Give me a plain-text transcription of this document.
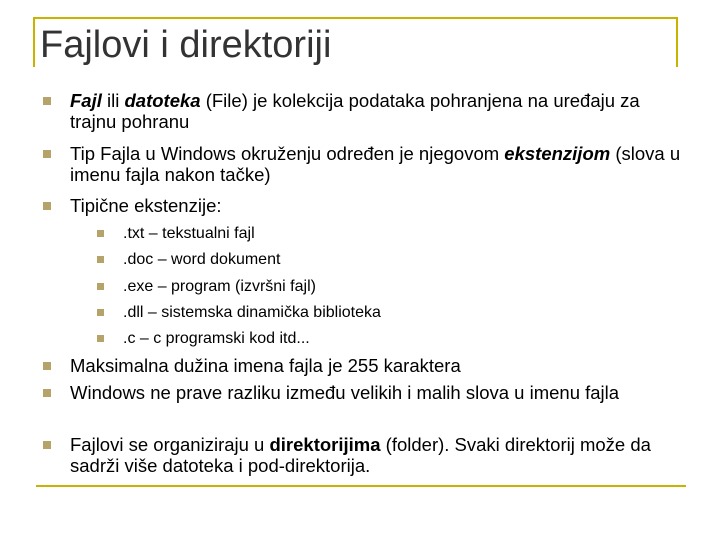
Fajlovi i direktoriji
Fajl ili datoteka (File) je kolekcija podataka pohranjena na uređaju za trajnu pohranu
Tip Fajla u Windows okruženju određen je njegovom ekstenzijom (slova u imenu fajla nakon tačke)
Tipične ekstenzije:
.txt – tekstualni fajl
.doc – word dokument
.exe – program (izvršni fajl)
.dll – sistemska dinamička biblioteka
.c – c programski kod itd...
Maksimalna dužina imena fajla je 255 karaktera
Windows ne prave razliku između velikih i malih slova u imenu fajla
Fajlovi se organiziraju u direktorijima (folder). Svaki direktorij može da sadrži više datoteka i pod-direktorija.
